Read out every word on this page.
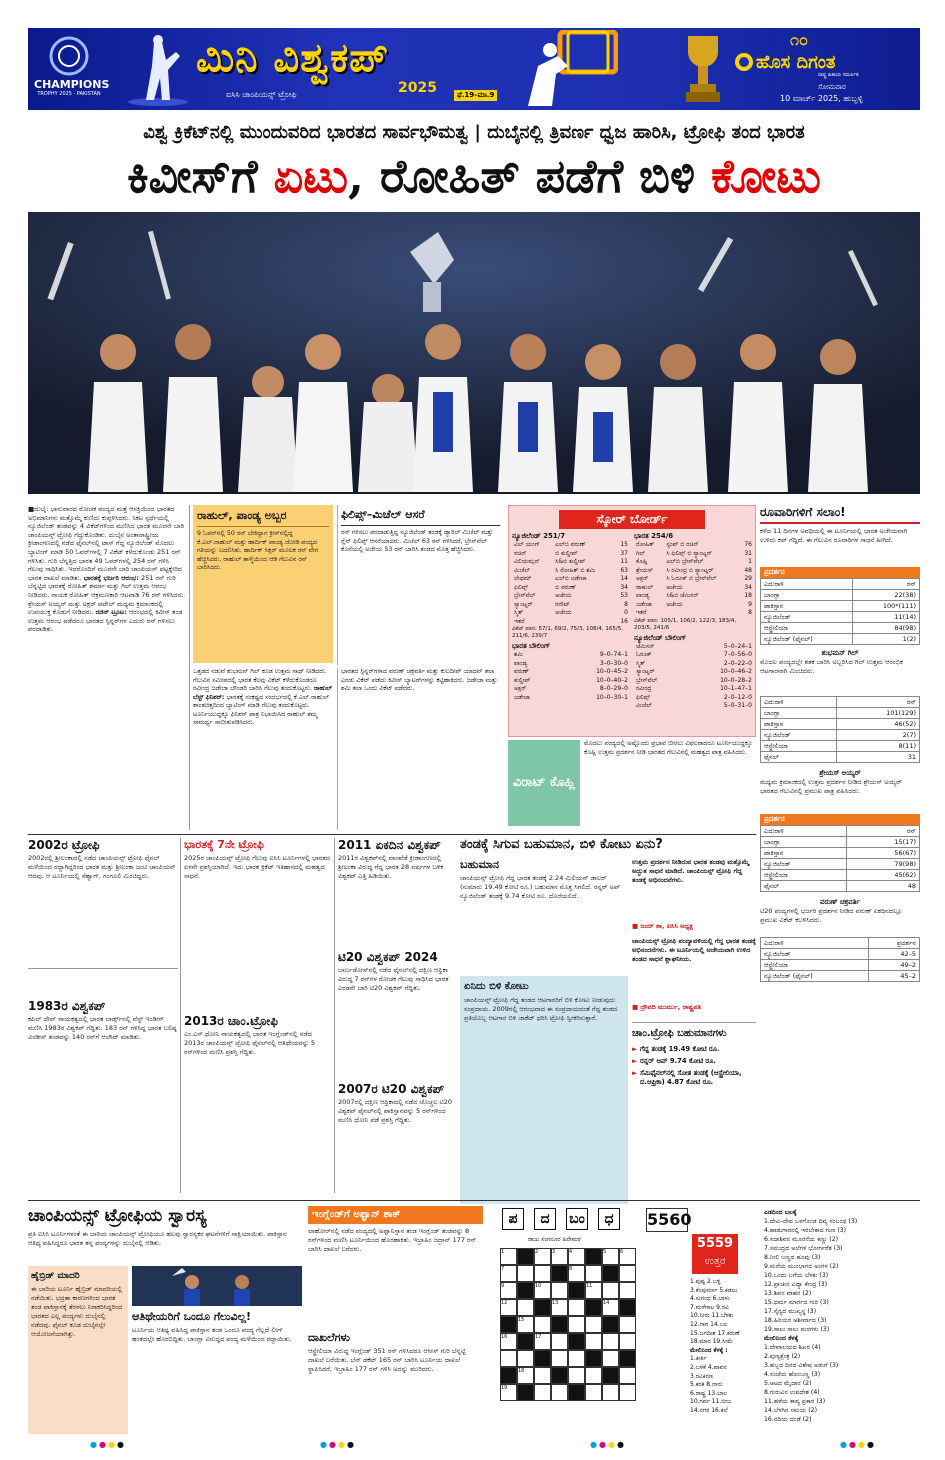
CHAMPIONS
TROPHY 2025 · PAKISTAN
ಮಿನಿ ವಿಶ್ವಕಪ್
ಐಸಿಸಿ ಚಾಂಪಿಯನ್ಸ್ ಟ್ರೋಫಿ	2025	ಫೆ.19–ಮಾ.9
೧೦
ಹೊಸ ದಿಗಂತ
ರಾಷ್ಟ್ರ ಹಿತಾಯ ಸಮರ್ಪಿತ
ಸೋಮವಾರ
10 ಮಾರ್ಚ್ 2025, ಹುಬ್ಬಳ್ಳಿ
ವಿಶ್ವ ಕ್ರಿಕೆಟ್‌ನಲ್ಲಿ ಮುಂದುವರಿದ ಭಾರತದ ಸಾರ್ವಭೌಮತ್ವ | ದುಬೈನಲ್ಲಿ ತ್ರಿವರ್ಣ ಧ್ವಜ ಹಾರಿಸಿ, ಟ್ರೋಫಿ ತಂದ ಭಾರತ
ಕಿವೀಸ್‌ಗೆ ಏಟು, ರೋಹಿತ್ ಪಡೆಗೆ ಬಿಳಿ ಕೋಟು
■ದುಬೈ: ಭಾನುವಾರದ ರೋಚಕ ಪಂದ್ಯದ ಮತ್ತೆ ಆಸಕ್ತಿಯಿಂದ ಭಾರತದ ಅಭಿಮಾನಿಗಳು ಮತ್ತೊಮ್ಮೆ ಕುಣಿದು ಕುಪ್ಪಳಿಸಿದರು. ನಿಕಟ ಸ್ಪರ್ಧೆಯಲ್ಲಿ ನ್ಯೂಜಿಲೆಂಡ್ ತಂಡವನ್ನು 4 ವಿಕೆಟ್‌ಗಳಿಂದ ಮಣಿಸಿದ ಭಾರತ ಮೂರನೇ ಬಾರಿ ಚಾಂಪಿಯನ್ಸ್ ಟ್ರೋಫಿ ಗೆದ್ದುಕೊಂಡಿತು. ದುಬೈನ ಅಂತಾರಾಷ್ಟ್ರೀಯ ಕ್ರೀಡಾಂಗಣದಲ್ಲಿ ನಡೆದ ಫೈನಲ್‌ನಲ್ಲಿ ಟಾಸ್ ಗೆದ್ದ ನ್ಯೂಜಿಲೆಂಡ್ ಮೊದಲು ಬ್ಯಾಟಿಂಗ್ ಮಾಡಿ 50 ಓವರ್‌ಗಳಲ್ಲಿ 7 ವಿಕೆಟ್ ಕಳೆದುಕೊಂಡು 251 ರನ್ ಗಳಿಸಿತು. ಗುರಿ ಬೆನ್ನತ್ತಿದ ಭಾರತ 49 ಓವರ್‌ಗಳಲ್ಲಿ 254 ರನ್ ಗಳಿಸಿ ಗೆಲುವು ಸಾಧಿಸಿತು. ಇದರೊಂದಿಗೆ ಮೂರನೇ ಬಾರಿ ಚಾಂಪಿಯನ್ ಪಟ್ಟಕ್ಕೇರಿದ ಭಾರತ ದಾಖಲೆ ಮಾಡಿತು. ಭಾರತಕ್ಕೆ ಭರ್ಜರಿ ಆರಂಭ: 251 ರನ್ ಗುರಿ ಬೆನ್ನಟ್ಟಿದ ಭಾರತಕ್ಕೆ ರೋಹಿತ್ ಶರ್ಮಾ ಮತ್ತು ಗಿಲ್ ಉತ್ತಮ ಆರಂಭ ನೀಡಿದರು. ನಾಯಕ ರೋಹಿತ್ ಆಕ್ರಮಣಕಾರಿ ಆಟವಾಡಿ 76 ರನ್ ಗಳಿಸಿದರು. ಶ್ರೇಯಸ್ ಅಯ್ಯರ್ ಮತ್ತು ಅಕ್ಷರ್ ಪಟೇಲ್ ಮಧ್ಯಮ ಕ್ರಮಾಂಕದಲ್ಲಿ ಉಪಯುಕ್ತ ಕೊಡುಗೆ ನೀಡಿದರು. ರಚಿನ್ ಟ್ರೂಟ: ಆರಂಭದಲ್ಲಿ ಕಿವೀಸ್ ತಂಡ ಉತ್ತಮ ಆರಂಭ ಪಡೆದರೂ ಭಾರತದ ಸ್ಪಿನ್ನರ್‌ಗಳ ಎದುರು ರನ್ ಗಳಿಸಲು ಪರದಾಡಿತು.
ರಾಹುಲ್, ಪಾಂಡ್ಯ ಅಬ್ಬರ
9 ಓವರ್‌ನಲ್ಲಿ 50 ರನ್ ಬೇಕಿದ್ದಾಗ ಕ್ರೀಸ್‌ನಲ್ಲಿದ್ದ ಕೆ.ಎಲ್.ರಾಹುಲ್ ಮತ್ತು ಹಾರ್ದಿಕ್ ಪಾಂಡ್ಯ ಜೋಡಿ ಪಂದ್ಯದ ಗತಿಯನ್ನು ಬದಲಿಸಿತು. ಹಾರ್ದಿಕ್ ಸಿಕ್ಸರ್ ಮೂಲಕ ರನ್ ವೇಗ ಹೆಚ್ಚಿಸಿದರು, ರಾಹುಲ್ ತಾಳ್ಮೆಯಿಂದ ಆಡಿ ಗೆಲುವಿನ ರನ್ ಬಾರಿಸಿದರು.
ಒತ್ತಡದ ನಡುವೆ ಶುಭಮನ್ ಗಿಲ್ ಕೂಡ ಉತ್ತಮ ಸಾಥ್ ನೀಡಿದರು. ಗೆಲುವಿನ ಸಮೀಪದಲ್ಲಿ ಭಾರತ ಕೆಲವು ವಿಕೆಟ್ ಕಳೆದುಕೊಂಡರೂ ರವೀಂದ್ರ ಜಡೇಜಾ ಬೌಂಡರಿ ಬಾರಿಸಿ ಗೆಲುವು ತಂದುಕೊಟ್ಟರು. ರಾಹುಲ್ ಬೆಸ್ಟ್ ಫಿನಿಶರ್: ಭಾರತಕ್ಕೆ ಸಂಕಷ್ಟದ ಸಂದರ್ಭದಲ್ಲಿ ಕೆ.ಎಲ್.ರಾಹುಲ್ ಶಾಂತಚಿತ್ತದಿಂದ ಬ್ಯಾಟಿಂಗ್ ಮಾಡಿ ಗೆಲುವು ತಂದುಕೊಟ್ಟರು. ಟೂರ್ನಿಯುದ್ದಕ್ಕೂ ಫಿನಿಶರ್ ಪಾತ್ರ ನಿಭಾಯಿಸಿದ ರಾಹುಲ್ ತಮ್ಮ ಸಾಮರ್ಥ್ಯ ಸಾಬೀತುಪಡಿಸಿದರು.
ಫಿಲಿಪ್ಸ್–ಮಿಚೆಲ್ ಆಸರೆ
ರನ್ ಗಳಿಸಲು ಪರದಾಡುತ್ತಿದ್ದ ನ್ಯೂಜಿಲೆಂಡ್ ತಂಡಕ್ಕೆ ಡ್ಯಾರಿಲ್ ಮಿಚೆಲ್ ಮತ್ತು ಗ್ಲೆನ್ ಫಿಲಿಪ್ಸ್ ಆಸರೆಯಾದರು. ಮಿಚೆಲ್ 63 ರನ್ ಗಳಿಸಿದರೆ, ಬ್ರೇಸ್‌ವೆಲ್ ಕೊನೆಯಲ್ಲಿ ಅಜೇಯ 53 ರನ್ ಬಾರಿಸಿ ತಂಡದ ಮೊತ್ತ ಹೆಚ್ಚಿಸಿದರು.
ಭಾರತದ ಸ್ಪಿನ್ನರ್‌ಗಳಾದ ವರುಣ್ ಚಕ್ರವರ್ತಿ ಮತ್ತು ಕುಲದೀಪ್ ಯಾದವ್ ತಲಾ ಎರಡು ವಿಕೆಟ್ ಪಡೆದು ಕಿವೀಸ್ ಬ್ಯಾಟರ್‌ಗಳನ್ನು ಕಟ್ಟಿಹಾಕಿದರು. ಜಡೇಜಾ ಮತ್ತು ಶಮಿ ತಲಾ ಒಂದು ವಿಕೆಟ್ ಪಡೆದರು.
ಸ್ಕೋರ್ ಬೋರ್ಡ್
ನ್ಯೂಜಿಲೆಂಡ್ 251/7
ವಿಲ್ ಯಂಗ್	ಎಲ್‌ಬಿ ವರುಣ್	15
ರಚಿನ್	ಬಿ ಕುಲ್ದೀಪ್	37
ವಿಲಿಯಮ್ಸನ್	ಸಿ&ಬಿ ಕುಲ್ದೀಪ್	11
ಮಿಚೆಲ್	ಸಿ ರೋಹಿತ್ ಬಿ ಶಮಿ	63
ಲೇಥಮ್	ಎಲ್‌ಬಿ ಜಡೇಜಾ	14
ಫಿಲಿಪ್ಸ್	ಬಿ ವರುಣ್	34
ಬ್ರೇಸ್‌ವೆಲ್	ಅಜೇಯ	53
ಸ್ಯಾಂಟ್ನರ್	ರನೌಟ್	8
ಸ್ಮಿತ್	ಅಜೇಯ	0
ಇತರೆ		16
ವಿಕೆಟ್ ಪತನ: 57/1, 69/2, 75/3, 108/4, 165/5, 211/6, 239/7
ಭಾರತ ಬೌಲಿಂಗ್
ಶಮಿ	9–0–74–1
ಪಾಂಡ್ಯ	3–0–30–0
ವರುಣ್	10–0–45–2
ಕುಲ್ದೀಪ್	10–0–40–2
ಅಕ್ಷರ್	8–0–29–0
ಜಡೇಜಾ	10–0–30–1
ಭಾರತ 254/6
ರೋಹಿತ್	ಸ್ಟಂಪ್ ಬಿ ರಚಿನ್	76
ಗಿಲ್	ಸಿ ಫಿಲಿಪ್ಸ್ ಬಿ ಸ್ಯಾಂಟ್ನರ್	31
ಕೊಹ್ಲಿ	ಎಲ್‌ಬಿ ಬ್ರೇಸ್‌ವೆಲ್	1
ಶ್ರೇಯಸ್	ಸಿ ರವೀಂದ್ರ ಬಿ ಸ್ಯಾಂಟ್ನರ್	48
ಅಕ್ಷರ್	ಸಿ ಓರೂಕ್ ಬಿ ಬ್ರೇಸ್‌ವೆಲ್	29
ರಾಹುಲ್	ಅಜೇಯ	34
ಪಾಂಡ್ಯ	ಸಿ&ಬಿ ಜೆಮಿಸನ್	18
ಜಡೇಜಾ	ಅಜೇಯ	9
ಇತರೆ		8
ವಿಕೆಟ್ ಪತನ: 105/1, 106/2, 122/3, 183/4, 203/5, 241/6
ನ್ಯೂಜಿಲೆಂಡ್ ಬೌಲಿಂಗ್
ಜೆಮಿಸನ್	5–0–24–1
ಓರೂಕ್	7–0–56–0
ಸ್ಮಿತ್	2–0–22–0
ಸ್ಯಾಂಟ್ನರ್	10–0–46–2
ಬ್ರೇಸ್‌ವೆಲ್	10–0–28–2
ರವೀಂದ್ರ	10–1–47–1
ಫಿಲಿಪ್ಸ್	2–0–12–0
ಮಿಚೆಲ್	5–0–31–0
ವಿರಾಟ್ ಕೊಹ್ಲಿ
ಮೊದಲು ಪಂದ್ಯದಲ್ಲಿ ಅಷ್ಟೊಂದು ಪ್ರಭಾವ ಬೀರಲು ವಿಫಲರಾದರೂ ಟೂರ್ನಿಯುದ್ದಕ್ಕೂ ಕೊಹ್ಲಿ ಉತ್ತಮ ಪ್ರದರ್ಶನ ನೀಡಿ ಭಾರತದ ಗೆಲುವಿನಲ್ಲಿ ಮಹತ್ವದ ಪಾತ್ರ ವಹಿಸಿದರು.
ರೂವಾರಿಗಳಿಗೆ ಸಲಾಂ!
ಕಳೆದ 11 ದಿನಗಳ ಅವಧಿಯಲ್ಲಿ ಈ ಟೂರ್ನಿಯಲ್ಲಿ ಭಾರತ ಅಜೇಯವಾಗಿ ಉಳಿದು ಕಪ್ ಗೆದ್ದಿದೆ. ಈ ಗೆಲುವಿನ ರೂವಾರಿಗಳ ಸಾಧನೆ ಹೀಗಿದೆ.
ಪ್ರದರ್ಶನ
ಎದುರಾಳಿ	ರನ್
ಬಾಂಗ್ಲಾ	22(38)
ಪಾಕಿಸ್ತಾನ	100*(111)
ನ್ಯೂಜಿಲೆಂಡ್	11(14)
ಆಸ್ಟ್ರೇಲಿಯಾ	84(98)
ನ್ಯೂಜಿಲೆಂಡ್ (ಫೈನಲ್)	1(2)
ಶುಭಮನ್ ಗಿಲ್
ಮೊದಲ ಪಂದ್ಯದಲ್ಲೇ ಶತಕ ಬಾರಿಸಿ ಅಬ್ಬರಿಸಿದ ಗಿಲ್ ಉತ್ತಮ ಆರಂಭಿಕ ಆಟಗಾರನಾಗಿ ಮಿಂಚಿದರು.
ಎದುರಾಳಿ	ರನ್
ಬಾಂಗ್ಲಾ	101(129)
ಪಾಕಿಸ್ತಾನ	46(52)
ನ್ಯೂಜಿಲೆಂಡ್	2(7)
ಆಸ್ಟ್ರೇಲಿಯಾ	8(11)
ಫೈನಲ್	31
ಶ್ರೇಯಸ್ ಅಯ್ಯರ್
ಮಧ್ಯಮ ಕ್ರಮಾಂಕದಲ್ಲಿ ಉತ್ತಮ ಪ್ರದರ್ಶನ ನೀಡಿದ ಶ್ರೇಯಸ್ ಅಯ್ಯರ್ ಭಾರತದ ಗೆಲುವಿನಲ್ಲಿ ಪ್ರಮುಖ ಪಾತ್ರ ವಹಿಸಿದರು.
ಪ್ರದರ್ಶನ
ಎದುರಾಳಿ	ರನ್
ಬಾಂಗ್ಲಾ	15(17)
ಪಾಕಿಸ್ತಾನ	56(67)
ನ್ಯೂಜಿಲೆಂಡ್	79(98)
ಆಸ್ಟ್ರೇಲಿಯಾ	45(62)
ಫೈನಲ್	48
ವರುಣ್ ಚಕ್ರವರ್ತಿ
ಟಿ20 ಪಂದ್ಯಗಳಲ್ಲಿ ಭರ್ಜರಿ ಪ್ರದರ್ಶನ ನೀಡಿದ ವರುಣ್ ಏಕದಿನದಲ್ಲೂ ಪ್ರಮುಖ ವಿಕೆಟ್ ಕಬಳಿಸಿದರು.
ಎದುರಾಳಿ	ಪ್ರದರ್ಶನ
ನ್ಯೂಜಿಲೆಂಡ್	42–5
ಆಸ್ಟ್ರೇಲಿಯಾ	49–2
ನ್ಯೂಜಿಲೆಂಡ್ (ಫೈನಲ್)	45–2
2002ರ ಟ್ರೋಫಿ
2002ರಲ್ಲಿ ಶ್ರೀಲಂಕಾದಲ್ಲಿ ನಡೆದ ಚಾಂಪಿಯನ್ಸ್ ಟ್ರೋಫಿ ಫೈನಲ್ ಮಳೆಯಿಂದ ರದ್ದಾಗಿದ್ದರಿಂದ ಭಾರತ ಮತ್ತು ಶ್ರೀಲಂಕಾ ಜಂಟಿ ಚಾಂಪಿಯನ್ ಆದವು. ಆ ಟೂರ್ನಿಯಲ್ಲಿ ಸೆಹ್ವಾಗ್, ಗಂಗೂಲಿ ಮಿಂಚಿದ್ದರು.
1983ರ ವಿಶ್ವಕಪ್
ಕಪಿಲ್ ದೇವ್ ನಾಯಕತ್ವದಲ್ಲಿ ಭಾರತ ಲಾರ್ಡ್ಸ್‌ನಲ್ಲಿ ವೆಸ್ಟ್ ಇಂಡೀಸ್ ಮಣಿಸಿ 1983ರ ವಿಶ್ವಕಪ್ ಗೆದ್ದಿತು. 183 ರನ್ ಗಳಿಸಿದ್ದ ಭಾರತ ಬಲಿಷ್ಠ ವಿಂಡೀಸ್ ತಂಡವನ್ನು 140 ರನ್‌ಗೆ ಆಲೌಟ್ ಮಾಡಿತು.
ಭಾರತಕ್ಕೆ 7ನೇ ಟ್ರೋಫಿ
2025ರ ಚಾಂಪಿಯನ್ಸ್ ಟ್ರೋಫಿ ಗೆಲುವು ಐಸಿಸಿ ಟೂರ್ನಿಗಳಲ್ಲಿ ಭಾರತದ ಏಳನೇ ಪ್ರಶಸ್ತಿಯಾಗಿದೆ. ಇದು ಭಾರತ ಕ್ರಿಕೆಟ್ ಇತಿಹಾಸದಲ್ಲಿ ಮಹತ್ವದ ಸಾಧನೆ.
2013ರ ಚಾಂ.ಟ್ರೋಫಿ
ಎಂ.ಎಸ್.ಧೋನಿ ನಾಯಕತ್ವದಲ್ಲಿ ಭಾರತ ಇಂಗ್ಲೆಂಡ್‌ನಲ್ಲಿ ನಡೆದ 2013ರ ಚಾಂಪಿಯನ್ಸ್ ಟ್ರೋಫಿ ಫೈನಲ್‌ನಲ್ಲಿ ಆತಿಥೇಯರನ್ನು 5 ರನ್‌ಗಳಿಂದ ಮಣಿಸಿ ಪ್ರಶಸ್ತಿ ಗೆದ್ದಿತು.
2011 ಏಕದಿನ ವಿಶ್ವಕಪ್
2011ರ ವಿಶ್ವಕಪ್‌ನಲ್ಲಿ ವಾಂಖೆಡೆ ಕ್ರೀಡಾಂಗಣದಲ್ಲಿ ಶ್ರೀಲಂಕಾ ವಿರುದ್ಧ ಗೆದ್ದ ಭಾರತ 28 ವರ್ಷಗಳ ಬಳಿಕ ವಿಶ್ವಕಪ್ ಎತ್ತಿ ಹಿಡಿಯಿತು.
ಟಿ20 ವಿಶ್ವಕಪ್ 2024
ಬಾರ್ಬಡೋಸ್‌ನಲ್ಲಿ ನಡೆದ ಫೈನಲ್‌ನಲ್ಲಿ ದಕ್ಷಿಣ ಆಫ್ರಿಕಾ ವಿರುದ್ಧ 7 ರನ್‌ಗಳ ರೋಚಕ ಗೆಲುವು ಸಾಧಿಸಿದ ಭಾರತ ಎರಡನೇ ಬಾರಿ ಟಿ20 ವಿಶ್ವಕಪ್ ಗೆದ್ದಿತು.
2007ರ ಟಿ20 ವಿಶ್ವಕಪ್
2007ರಲ್ಲಿ ದಕ್ಷಿಣ ಆಫ್ರಿಕಾದಲ್ಲಿ ನಡೆದ ಚೊಚ್ಚಲ ಟಿ20 ವಿಶ್ವಕಪ್ ಫೈನಲ್‌ನಲ್ಲಿ ಪಾಕಿಸ್ತಾನವನ್ನು 5 ರನ್‌ಗಳಿಂದ ಮಣಿಸಿ ಧೋನಿ ಪಡೆ ಪ್ರಶಸ್ತಿ ಗೆದ್ದಿತು.
ತಂಡಕ್ಕೆ ಸಿಗುವ ಬಹುಮಾನ, ಬಿಳಿ ಕೋಟು ಏನು?
ಬಹುಮಾನ
ಚಾಂಪಿಯನ್ಸ್ ಟ್ರೋಫಿ ಗೆದ್ದ ಭಾರತ ತಂಡಕ್ಕೆ 2.24 ಮಿಲಿಯನ್ ಡಾಲರ್ (ಸುಮಾರು 19.49 ಕೋಟಿ ರೂ.) ಬಹುಮಾನ ಮೊತ್ತ ಸಿಗಲಿದೆ. ರನ್ನರ್ ಅಪ್ ನ್ಯೂಜಿಲೆಂಡ್ ತಂಡಕ್ಕೆ 9.74 ಕೋಟಿ ರೂ. ದೊರೆಯಲಿದೆ.
ಏನಿದು ಬಿಳಿ ಕೋಟು
ಚಾಂಪಿಯನ್ಸ್ ಟ್ರೋಫಿ ಗೆದ್ದ ತಂಡದ ಆಟಗಾರರಿಗೆ ಬಿಳಿ ಕೋಟು ನೀಡುವುದು ಸಂಪ್ರದಾಯ. 2009ರಲ್ಲಿ ಆರಂಭವಾದ ಈ ಸಂಪ್ರದಾಯದಂತೆ ಗೆದ್ದ ತಂಡದ ಪ್ರತಿಯೊಬ್ಬ ಆಟಗಾರ ಬಿಳಿ ಜಾಕೆಟ್ ಧರಿಸಿ ಟ್ರೋಫಿ ಸ್ವೀಕರಿಸುತ್ತಾರೆ.
ಉತ್ತಮ ಪ್ರದರ್ಶನ ನೀಡಿರುವ ಭಾರತ ತಂಡವು ಮತ್ತೊಮ್ಮೆ ಅದ್ಭುತ ಸಾಧನೆ ಮಾಡಿದೆ. ಚಾಂಪಿಯನ್ಸ್ ಟ್ರೋಫಿ ಗೆದ್ದ ತಂಡಕ್ಕೆ ಅಭಿನಂದನೆಗಳು.
■ ಜಯ್ ಶಾ, ಐಸಿಸಿ ಅಧ್ಯಕ್ಷ
ಚಾಂಪಿಯನ್ಸ್ ಟ್ರೋಫಿ ಪಂದ್ಯಾವಳಿಯಲ್ಲಿ ಗೆದ್ದ ಭಾರತ ತಂಡಕ್ಕೆ ಅಭಿನಂದನೆಗಳು. ಈ ಟೂರ್ನಿಯಲ್ಲಿ ಅಜೇಯವಾಗಿ ಉಳಿದ ತಂಡದ ಸಾಧನೆ ಶ್ಲಾಘನೀಯ.
■ ದ್ರೌಪದಿ ಮುರ್ಮು, ರಾಷ್ಟ್ರಪತಿ
ಚಾಂ.ಟ್ರೋಫಿ ಬಹುಮಾನಗಳು
► ಗೆದ್ದ ತಂಡಕ್ಕೆ 19.49 ಕೋಟಿ ರೂ.
► ರನ್ನರ್ ಅಪ್ 9.74 ಕೋಟಿ ರೂ.
► ಸೆಮಿಫೈನಲ್‌ನಲ್ಲಿ ಸೋತ ತಂಡಕ್ಕೆ (ಆಸ್ಟ್ರೇಲಿಯಾ, ದ.ಆಫ್ರಿಕಾ) 4.87 ಕೋಟಿ ರೂ.
ಚಾಂಪಿಯನ್ಸ್ ಟ್ರೋಫಿಯ ಸ್ವಾರಸ್ಯ
ಪ್ರತಿ ಐಸಿಸಿ ಟೂರ್ನಿಗಳಂತೆ ಈ ಬಾರಿಯ ಚಾಂಪಿಯನ್ಸ್ ಟ್ರೋಫಿಯೂ ಹಲವು ಸ್ವಾರಸ್ಯಕರ ಘಟನೆಗಳಿಗೆ ಸಾಕ್ಷಿಯಾಯಿತು. ಪಾಕಿಸ್ತಾನ ಆತಿಥ್ಯ ವಹಿಸಿದ್ದರೂ ಭಾರತ ತನ್ನ ಪಂದ್ಯಗಳನ್ನು ದುಬೈನಲ್ಲಿ ಆಡಿತು.
ಹೈಬ್ರಿಡ್ ಮಾದರಿ
ಈ ಬಾರಿಯ ಟೂರ್ನಿ ಹೈಬ್ರಿಡ್ ಮಾದರಿಯಲ್ಲಿ ನಡೆಯಿತು. ಭದ್ರತಾ ಕಾರಣಗಳಿಂದ ಭಾರತ ತಂಡ ಪಾಕಿಸ್ತಾನಕ್ಕೆ ತೆರಳಲು ನಿರಾಕರಿಸಿದ್ದರಿಂದ ಭಾರತದ ಎಲ್ಲ ಪಂದ್ಯಗಳು ದುಬೈನಲ್ಲಿ ನಡೆದವು. ಫೈನಲ್ ಕೂಡ ದುಬೈನಲ್ಲೇ ಆಯೋಜನೆಯಾಗಿತ್ತು.
ಆತಿಥೇಯರಿಗೆ ಒಂದೂ ಗೆಲುವಿಲ್ಲ!
ಟೂರ್ನಿಯ ಆತಿಥ್ಯ ವಹಿಸಿದ್ದ ಪಾಕಿಸ್ತಾನ ತಂಡ ಒಂದೂ ಪಂದ್ಯ ಗೆಲ್ಲದೆ ಲೀಗ್ ಹಂತದಲ್ಲೇ ಹೊರಬಿದ್ದಿತು. ಬಾಂಗ್ಲಾ ವಿರುದ್ಧದ ಪಂದ್ಯ ಮಳೆಯಿಂದ ರದ್ದಾಯಿತು.
ಇಂಗ್ಲೆಂಡ್‌ಗೆ ಅಫ್ಘಾನ್ ಶಾಕ್
ಲಾಹೋರ್‌ನಲ್ಲಿ ನಡೆದ ಪಂದ್ಯದಲ್ಲಿ ಅಫ್ಘಾನಿಸ್ತಾನ ತಂಡ ಇಂಗ್ಲೆಂಡ್ ತಂಡವನ್ನು 8 ರನ್‌ಗಳಿಂದ ಮಣಿಸಿ ಟೂರ್ನಿಯಿಂದ ಹೊರಹಾಕಿತು. ಇಬ್ರಾಹಿಂ ಜದ್ರಾನ್ 177 ರನ್ ಬಾರಿಸಿ ದಾಖಲೆ ಬರೆದರು.
ದಾಖಲೆಗಳು
ಆಸ್ಟ್ರೇಲಿಯಾ ವಿರುದ್ಧ ಇಂಗ್ಲೆಂಡ್ 351 ರನ್ ಗಳಿಸಿದರೂ ಆಸೀಸ್ ಗುರಿ ಬೆನ್ನಟ್ಟಿ ದಾಖಲೆ ಬರೆಯಿತು. ಬೆನ್ ಡಕೆಟ್ 165 ರನ್ ಬಾರಿಸಿ ಟೂರ್ನಿಯ ದಾಖಲೆ ಸ್ಥಾಪಿಸಿದರೆ, ಇಬ್ರಾಹಿಂ 177 ರನ್ ಗಳಿಸಿ ಅದನ್ನು ಮುರಿದರು.
ಪ	ದ	ಬಂ	ಧ
ರಾಜು ಸಂಗನೂರ ಹಿರೇಮಠ
1	2	3	4	5	6
7	8
9	10	11
12	13	14
15
16	17
18
19
5560
5559
ಉತ್ತರ
1.ಪುಷ್ಪ 2.ಬಳ್ಳಿ
3.ಕೆಂಪುವರ್ಣ 5.ಕಡಲು
4.ಸುಗಂಧ 6.ಬಾಳು
7.ಮಳೆಗಾಲ 9.ರವಿ
10.ನೀರು 11.ಬೆಳಕು
12.ನಾಗ 14.ಬಲ
15.ಜಗದೀಶ 17.ಕರುಣೆ
18.ಮಾನ 19.ಸೀಮೆ
ಮೇಲಿನಿಂದ ಕೆಳಕ್ಕೆ :
1.ಕೀರ್ತಿ
2.ಬಳಕೆ 4.ಪಾವನ
3.ರವಿಕಿರಣ
5.ಕರಕ 8.ನಾನು
6.ರಾಷ್ಟ್ರ 13.ಬಾಲ
10.ಗರ್ವ 11.ಬೀಜ
14.ನಗರ 16.ಕಲೆ
ಎಡದಿಂದ ಬಲಕ್ಕೆ
1.ದೇವಿ–ದೇವ ಒಳಗೊಂಡ ದಿವ್ಯ ಸಂಬಂಧ (3)
4.ಹಾಡುಗಾರನಲ್ಲಿ ಇರಬೇಕಾದ ಗುಣ (3)
6.ಸದಾಶಿವನ ಮೂರನೆಯ ಕಣ್ಣು (2)
7.ಸಮುದ್ರದ ಅಲೆಗಳ ಭೋರ್ಗರೆತ (3)
8.ನೀಲಿ ಬಣ್ಣದ ಹೂವು (3)
9.ಮನೆಯ ಮುಂಭಾಗದ ಅಂಗಳ (2)
10.ಒಂದು ಬಗೆಯ ಬೆಳಕು (3)
12.ಪ್ರಾಚೀನ ವಿದ್ಯಾ ಕೇಂದ್ರ (3)
13.ಶಿವನ ವಾಹನ (2)
15.ಧರ್ಮ ಮಾರ್ಗದ ಗುರಿ (3)
17.ಸೈನ್ಯದ ಮುಖ್ಯಸ್ಥ (3)
18.ಹಿರಿಯರ ಆಶೀರ್ವಾದ (3)
19.ಸಾಲು ಸಾಲು ಮರಗಳು (3)
ಮೇಲಿನಿಂದ ಕೆಳಕ್ಕೆ
1.ದೇವಾಲಯದ ಶಿಖರ (4)
2.ಪುಣ್ಯಕ್ಷೇತ್ರ (2)
3.ಹಬ್ಬದ ದಿನದ ವಿಶೇಷ ಅಡುಗೆ (3)
4.ಸಂಜೆಯ ಹೊಂಬಣ್ಣ (3)
5.ಆಟದ ಮೈದಾನ (2)
8.ಗುರುವಿನ ಉಪದೇಶ (4)
11.ಹಳೆಯ ಕಾವ್ಯ ಪ್ರಕಾರ (3)
14.ಬೆಳಗಿನ ಸಮಯ (2)
16.ನದಿಯ ದಂಡೆ (2)
●●●●	●●●●	●●●●	●●●●
